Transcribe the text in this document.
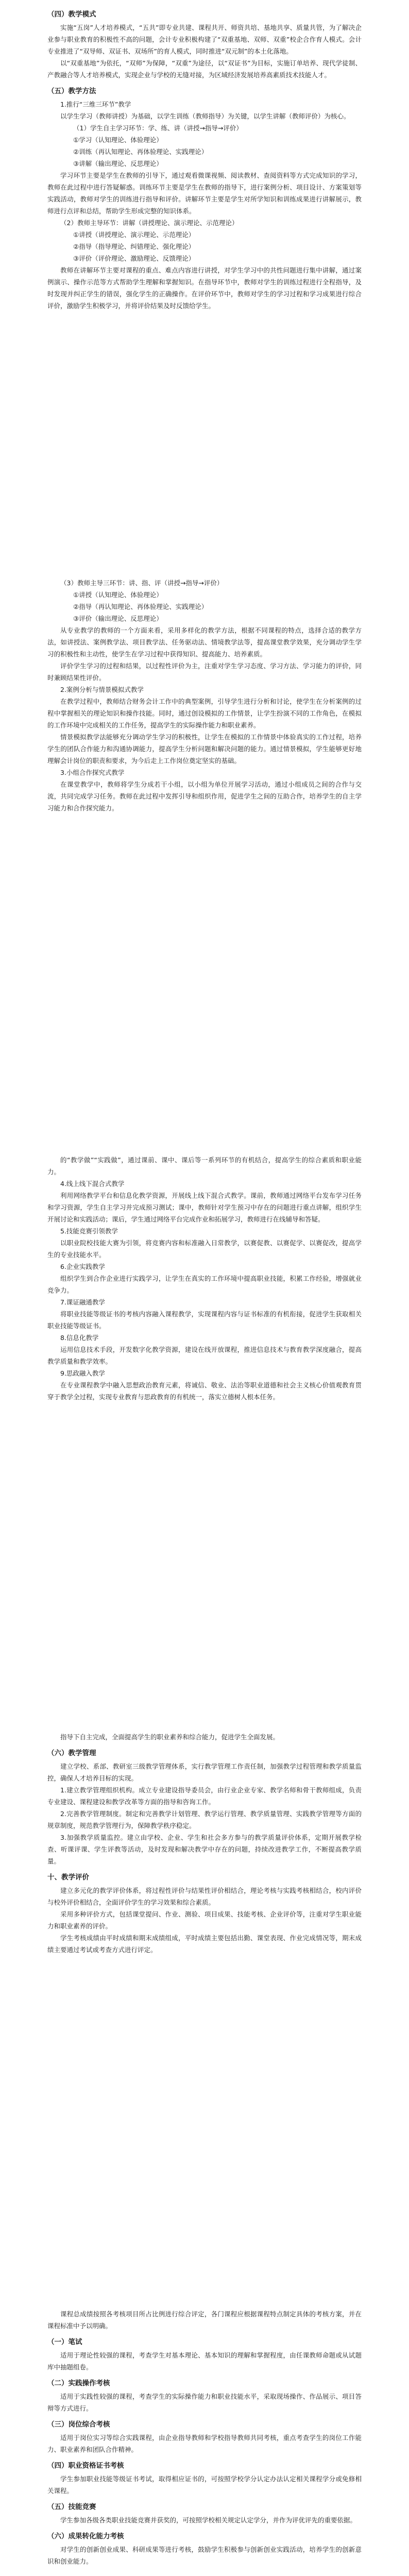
（四）教学模式
实施“五岗”人才培养模式，“五共”即专业共建、课程共开、师资共培、基地共享、质量共管，为了解决企业参与职业教育的积极性不高的问题，会计专业积极构建了“双重基地、双师、双重”校企合作育人模式。会计专业推进了“双导师、双证书、双场所”的育人模式，同时推进“双元制”的本土化落地。
以“双重基地”为依托，“双师”为保障，“双重”为途径，以“双证书”为目标，实施订单培养、现代学徒制、产教融合等人才培养模式，实现企业与学校的无缝对接，为区域经济发展培养高素质技术技能人才。
（五）教学方法
1.推行“三维三环节”教学
以学生学习（教师讲授）为基础，以学生训练（教师指导）为关键，以学生讲解（教师评价）为核心。
（1）学生自主学习环节：学、练、讲（讲授→指导→评价）
①学习（认知理论、体验理论）
②训练（再认知理论、再体验理论、实践理论）
③讲解（输出理论、反思理论）
学习环节主要是学生在教师的引导下，通过观看微课视频、阅读教材、查阅资料等方式完成知识的学习，教师在此过程中进行答疑解惑。训练环节主要是学生在教师的指导下，进行案例分析、项目设计、方案策划等实践活动，教师对学生的训练进行指导和评价。讲解环节主要是学生对所学知识和训练成果进行讲解展示，教师进行点评和总结，帮助学生形成完整的知识体系。
（2）教师主导环节：讲解（讲授理论、演示理论、示范理论）
①讲授（讲授理论、演示理论、示范理论）
②指导（指导理论、纠错理论、强化理论）
③评价（评价理论、激励理论、反馈理论）
教师在讲解环节主要对课程的重点、难点内容进行讲授，对学生学习中的共性问题进行集中讲解，通过案例演示、操作示范等方式帮助学生理解和掌握知识。在指导环节中，教师对学生的训练过程进行全程指导，及时发现并纠正学生的错误，强化学生的正确操作。在评价环节中，教师对学生的学习过程和学习成果进行综合评价，激励学生积极学习，并将评价结果及时反馈给学生。
（3）教师主导三环节：讲、指、评（讲授→指导→评价）
①讲授（认知理论、体验理论）
②指导（再认知理论、再体验理论、实践理论）
③评价（输出理论、反思理论）
从专业教学的教师的一个方面来看，采用多样化的教学方法，根据不同课程的特点，选择合适的教学方法，如讲授法、案例教学法、项目教学法、任务驱动法、情境教学法等，提高课堂教学效果，充分调动学生学习的积极性和主动性，使学生在学习过程中获得知识、提高能力、培养素质。
评价学生学习的过程和结果，以过程性评价为主，注重对学生学习态度、学习方法、学习能力的评价，同时兼顾结果性评价。
2.案例分析与情景模拟式教学
在教学过程中，教师结合财务会计工作中的典型案例，引导学生进行分析和讨论，使学生在分析案例的过程中掌握相关的理论知识和操作技能。同时，通过创设模拟的工作情景，让学生扮演不同的工作角色，在模拟的工作环境中完成相关的工作任务，提高学生的实际操作能力和职业素养。
情景模拟教学法能够充分调动学生学习的积极性，让学生在模拟的工作情景中体验真实的工作过程，培养学生的团队合作能力和沟通协调能力，提高学生分析问题和解决问题的能力。通过情景模拟，学生能够更好地理解会计岗位的职责和要求，为今后走上工作岗位奠定坚实的基础。
3.小组合作探究式教学
在课堂教学中，教师将学生分成若干小组，以小组为单位开展学习活动，通过小组成员之间的合作与交流，共同完成学习任务。教师在此过程中发挥引导和组织作用，促进学生之间的互助合作，培养学生的自主学习能力和合作探究能力。
的“教学做”“实践做”，通过课前、课中、课后等一系列环节的有机结合，提高学生的综合素质和职业能力。
4.线上线下混合式教学
利用网络教学平台和信息化教学资源，开展线上线下混合式教学。课前，教师通过网络平台发布学习任务和学习资源，学生自主学习并完成预习测试；课中，教师针对学生预习中存在的问题进行重点讲解，组织学生开展讨论和实践活动；课后，学生通过网络平台完成作业和拓展学习，教师进行在线辅导和答疑。
5.技能竞赛引领教学
以职业院校技能大赛为引领，将竞赛内容和标准融入日常教学，以赛促教、以赛促学、以赛促改，提高学生的专业技能水平。
6.企业实践教学
组织学生到合作企业进行实践学习，让学生在真实的工作环境中提高职业技能，积累工作经验，增强就业竞争力。
7.课证融通教学
将职业技能等级证书的考核内容融入课程教学，实现课程内容与证书标准的有机衔接，促进学生获取相关职业技能等级证书。
8.信息化教学
运用信息技术手段，开发数字化教学资源，建设在线开放课程，推进信息技术与教育教学深度融合，提高教学质量和教学效率。
9.思政融入教学
在专业课程教学中融入思想政治教育元素，将诚信、敬业、法治等职业道德和社会主义核心价值观教育贯穿于教学全过程，实现专业教育与思政教育的有机统一，落实立德树人根本任务。
指导下自主完成，全面提高学生的职业素养和综合能力，促进学生全面发展。
（六）教学管理
建立学校、系部、教研室三级教学管理体系，实行教学管理工作责任制，加强教学过程管理和教学质量监控，确保人才培养目标的实现。
1.建立教学管理组织机构。成立专业建设指导委员会，由行业企业专家、教学名师和骨干教师组成，负责专业建设、课程建设和教学改革等方面的指导和咨询工作。
2.完善教学管理制度。制定和完善教学计划管理、教学运行管理、教学质量管理、实践教学管理等方面的规章制度，规范教学管理行为，保障教学秩序稳定。
3.加强教学质量监控。建立由学校、企业、学生和社会多方参与的教学质量评价体系，定期开展教学检查、听课评课、学生评教等活动，及时发现和解决教学中存在的问题，持续改进教学工作，不断提高教学质量。
十、教学评价
建立多元化的教学评价体系，将过程性评价与结果性评价相结合，理论考核与实践考核相结合，校内评价与校外评价相结合，全面评价学生的学习效果和综合素质。
采用多种评价方式，包括课堂提问、作业、测验、项目成果、技能考核、企业评价等，注重对学生职业能力和职业素养的评价。
学生考核成绩由平时成绩和期末成绩组成，平时成绩主要包括出勤、课堂表现、作业完成情况等，期末成绩主要通过考试或考查方式进行评定。
课程总成绩按照各考核项目所占比例进行综合评定，各门课程应根据课程特点制定具体的考核方案，并在课程标准中予以明确。
（一）笔试
适用于理论性较强的课程，考查学生对基本理论、基本知识的理解和掌握程度，由任课教师命题或从试题库中抽题组卷。
（二）实践操作考核
适用于实践性较强的课程，考查学生的实际操作能力和职业技能水平，采取现场操作、作品展示、项目答辩等方式进行。
（三）岗位综合考核
适用于岗位实习等综合实践课程，由企业指导教师和学校指导教师共同考核，重点考查学生的岗位工作能力、职业素养和团队合作精神。
（四）职业资格证书考核
学生参加职业技能等级证书考试，取得相应证书的，可按照学校学分认定办法认定相关课程学分或免修相关课程。
（五）技能竞赛
学生参加各级各类职业技能竞赛并获奖的，可按照学校相关规定认定学分，并作为评优评先的重要依据。
（六）成果转化能力考核
对学生的创新创业成果、科研成果等进行考核，鼓励学生积极参与创新创业实践活动，培养学生的创新意识和创业能力。
